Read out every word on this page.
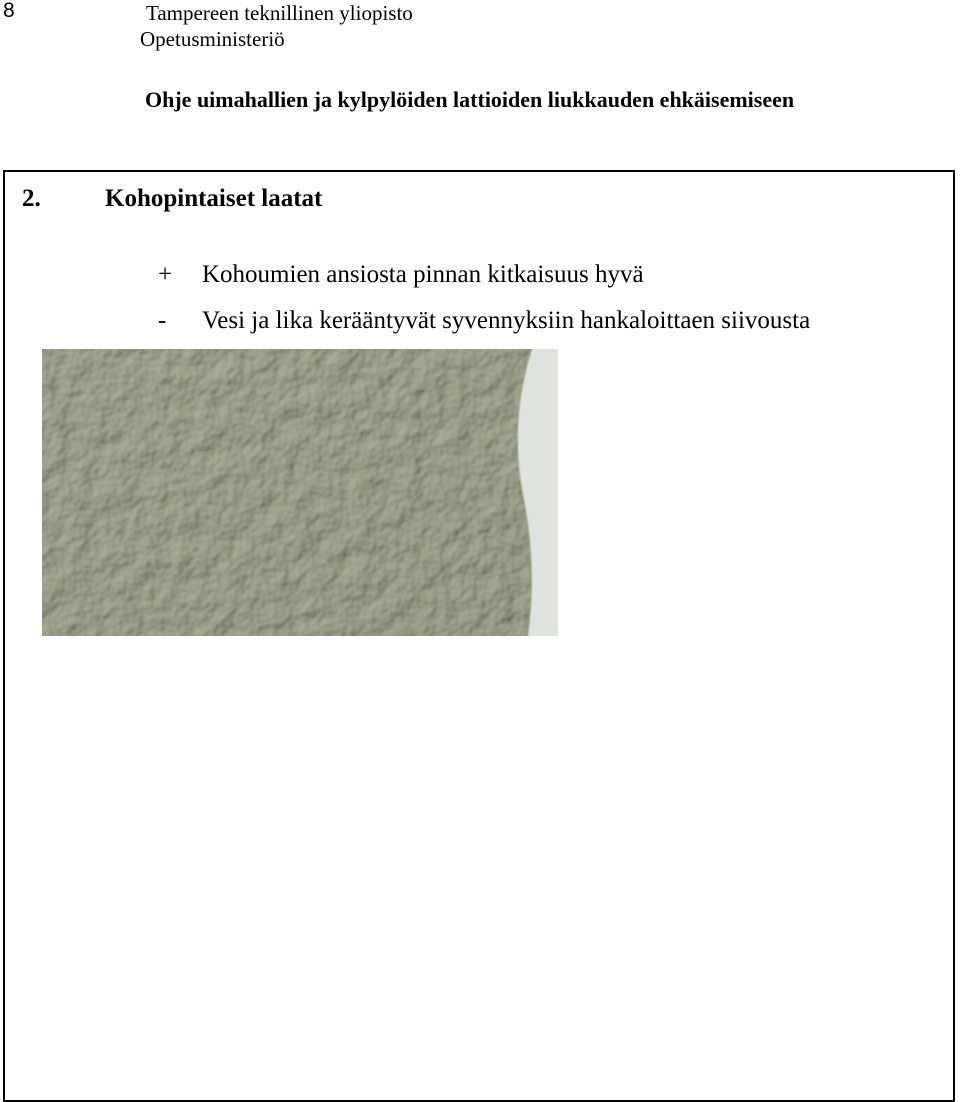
8	Tampereen teknillinen yliopisto
Opetusministeriö
Ohje uimahallien ja kylpylöiden lattioiden liukkauden ehkäisemiseen
2.	Kohopintaiset laatat
+ Kohoumien ansiosta pinnan kitkaisuus hyvä
- Vesi ja lika kerääntyvät syvennyksiin hankaloittaen siivousta
